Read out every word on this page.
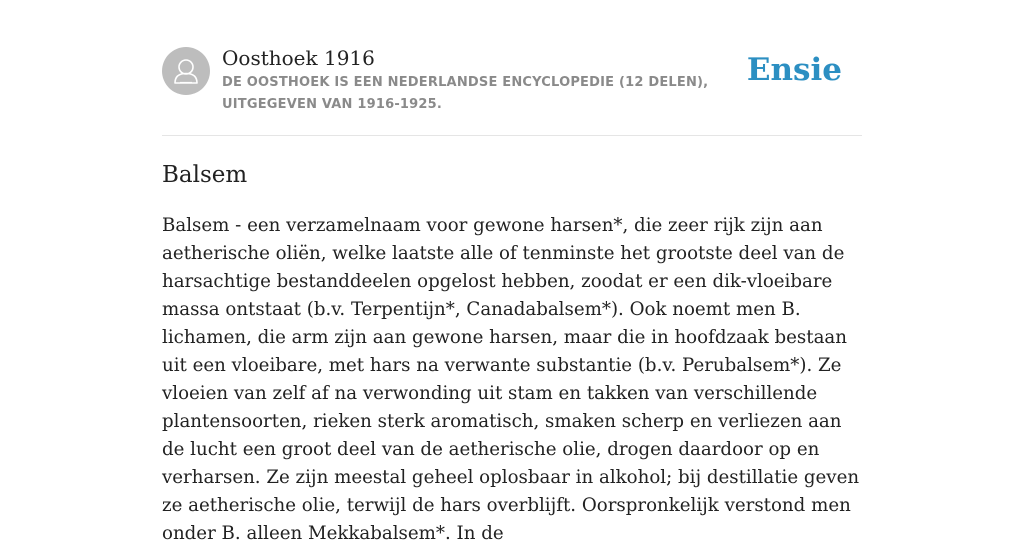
Oosthoek 1916
DE OOSTHOEK IS EEN NEDERLANDSE ENCYCLOPEDIE (12 DELEN), UITGEGEVEN VAN 1916-1925.
Ensie
Balsem

Balsem - een verzamelnaam voor gewone harsen*, die zeer rijk zijn aan aetherische oliën, welke laatste alle of tenminste het grootste deel van de harsachtige bestanddeelen opgelost hebben, zoodat er een dik-vloeibare massa ontstaat (b.v. Terpentijn*, Canadabalsem*). Ook noemt men B. lichamen, die arm zijn aan gewone harsen, maar die in hoofdzaak bestaan uit een vloeibare, met hars na verwante substantie (b.v. Perubalsem*). Ze vloeien van zelf af na verwonding uit stam en takken van verschillende plantensoorten, rieken sterk aromatisch, smaken scherp en verliezen aan de lucht een groot deel van de aetherische olie, drogen daardoor op en verharsen. Ze zijn meestal geheel oplosbaar in alkohol; bij destillatie geven ze aetherische olie, terwijl de hars overblijft. Oorspronkelijk verstond men onder B. alleen Mekkabalsem*. In de
